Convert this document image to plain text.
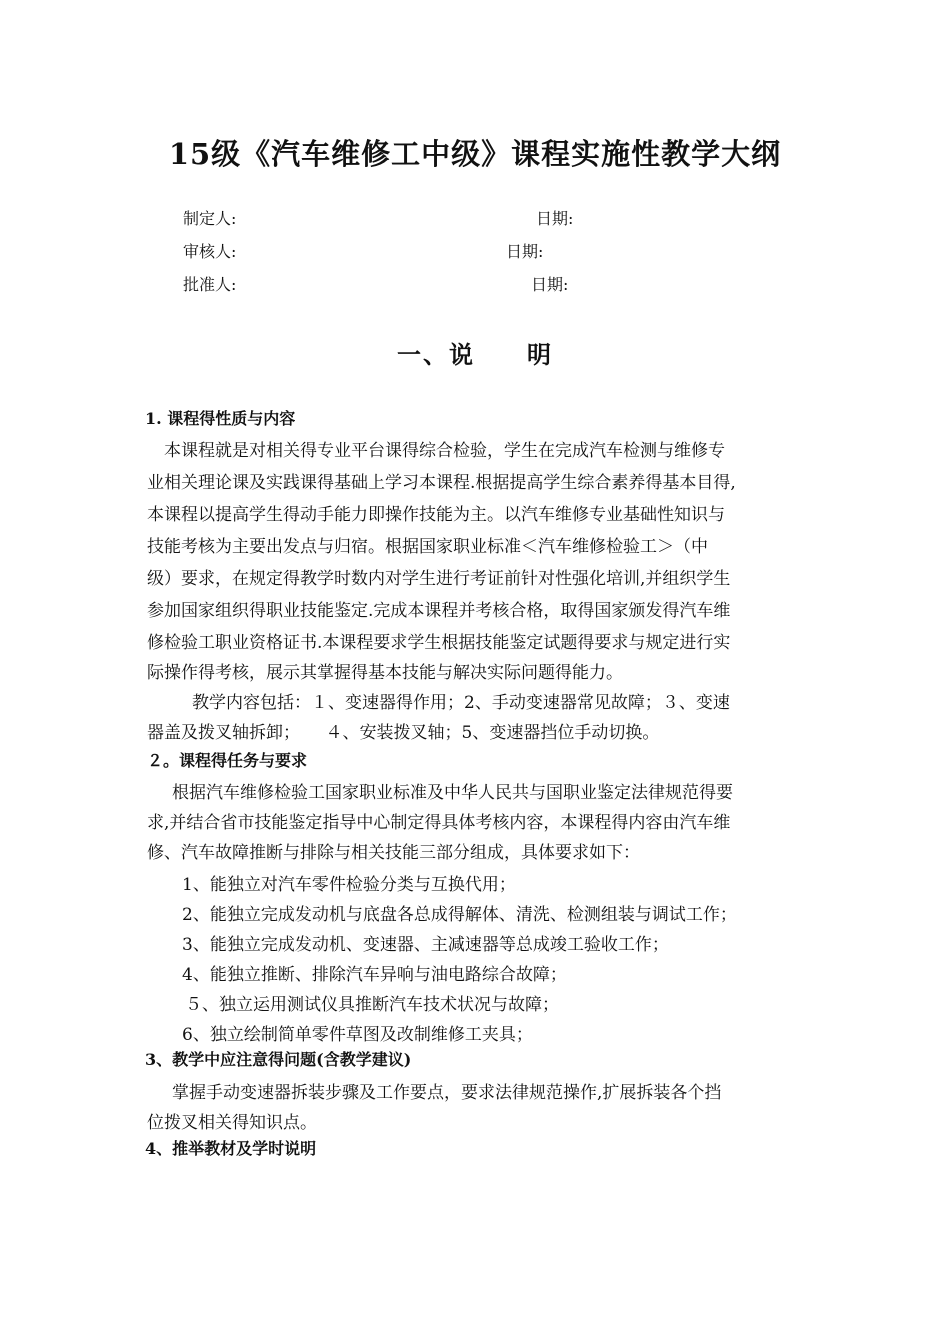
15级《汽车维修工中级》课程实施性教学大纲
制定人:	日期:
审核人:	日期:
批准人:	日期:
一、说　　明
1. 课程得性质与内容
　本课程就是对相关得专业平台课得综合检验，学生在完成汽车检测与维修专
业相关理论课及实践课得基础上学习本课程.根据提高学生综合素养得基本目得,
本课程以提高学生得动手能力即操作技能为主。以汽车维修专业基础性知识与
技能考核为主要出发点与归宿。根据国家职业标准＜汽车维修检验工＞（中
级）要求，在规定得教学时数内对学生进行考证前针对性强化培训,并组织学生
参加国家组织得职业技能鉴定.完成本课程并考核合格，取得国家颁发得汽车维
修检验工职业资格证书.本课程要求学生根据技能鉴定试题得要求与规定进行实
际操作得考核，展示其掌握得基本技能与解决实际问题得能力。
教学内容包括：１、变速器得作用；2、手动变速器常见故障；３、变速
器盖及拨叉轴拆卸；　　４、安装拨叉轴；5、变速器挡位手动切换。
２。课程得任务与要求
根据汽车维修检验工国家职业标准及中华人民共与国职业鉴定法律规范得要
求,并结合省市技能鉴定指导中心制定得具体考核内容，本课程得内容由汽车维
修、汽车故障推断与排除与相关技能三部分组成，具体要求如下：
1、能独立对汽车零件检验分类与互换代用；
2、能独立完成发动机与底盘各总成得解体、清洗、检测组装与调试工作；
3、能独立完成发动机、变速器、主减速器等总成竣工验收工作；
4、能独立推断、排除汽车异响与油电路综合故障；
５、独立运用测试仪具推断汽车技术状况与故障；
6、独立绘制简单零件草图及改制维修工夹具；
3、教学中应注意得问题(含教学建议)
掌握手动变速器拆装步骤及工作要点，要求法律规范操作,扩展拆装各个挡
位拨叉相关得知识点。
4、推举教材及学时说明
